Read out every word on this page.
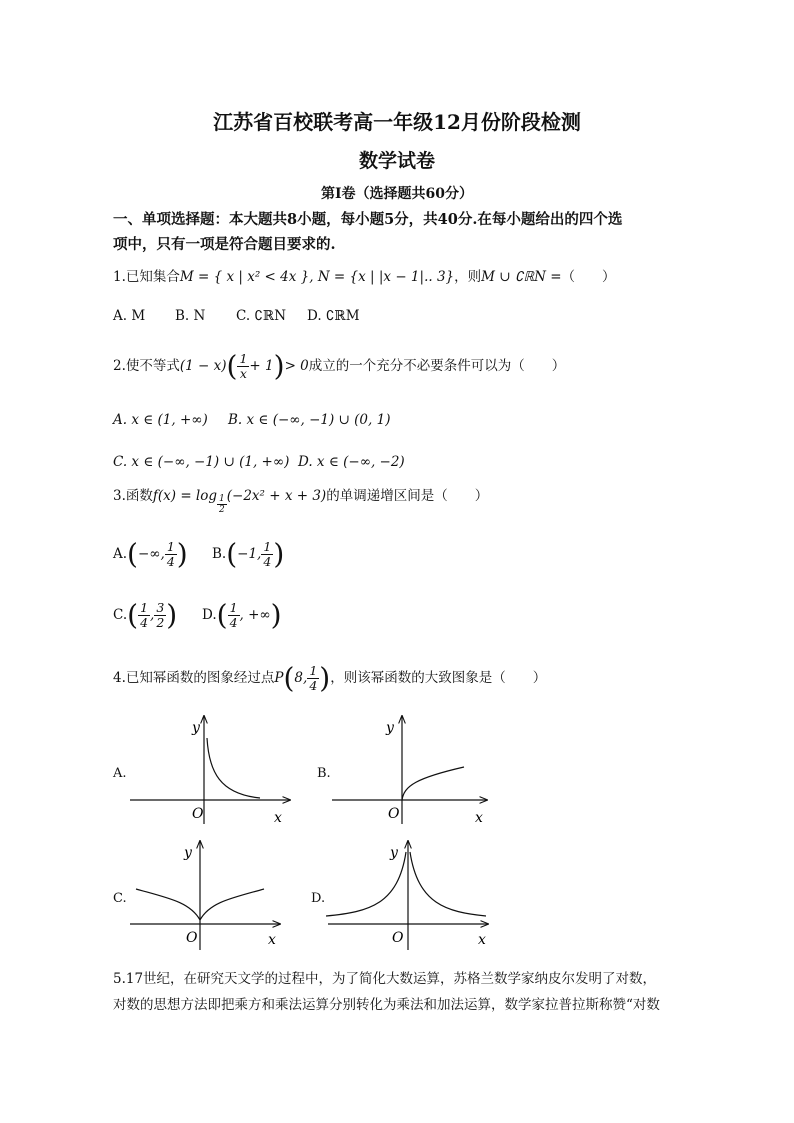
江苏省百校联考高一年级12月份阶段检测
数学试卷
第I卷（选择题共60分）
一、单项选择题：本大题共8小题，每小题5分，共40分.在每小题给出的四个选
项中，只有一项是符合题目要求的.
1.已知集合M = { x | x² < 4x }, N = {x | |x − 1|.. 3}，则M ∪ ∁ℝN =（　　）
A. M B. N C. ∁ℝN D. ∁ℝM
2.使不等式$(1 - x)( \frac{1}{x} + 1)> 0$成立的一个充分不必要条件可以为（　　）
A. x ∈ (1, +∞) B. x ∈ (−∞, −1) ∪ (0, 1)
C. x ∈ (−∞, −1) ∪ (1, +∞) D. x ∈ (−∞, −2)
3.函数$f(x) = \log \frac{1}{2} (-2x^2 + x + 3)$的单调递增区间是（　　）
A.(−∞, $\frac{1}{4}$ ) B.(−1, $\frac{1}{4}$ )
$C.( \frac{1}{4}$ , $\frac{3}{2}$ ) $D.( \frac{1}{4}$ , +∞)
4.已知幂函数的图象经过点P(8, $\frac{1}{4}$ )，则该幂函数的大致图象是（　　）
A.
y
x
O
B.
y
x
O
C.
y
x
O
D.
y
x
O
5.17世纪，在研究天文学的过程中，为了简化大数运算，苏格兰数学家纳皮尔发明了对数，
对数的思想方法即把乘方和乘法运算分别转化为乘法和加法运算，数学家拉普拉斯称赞“对数
